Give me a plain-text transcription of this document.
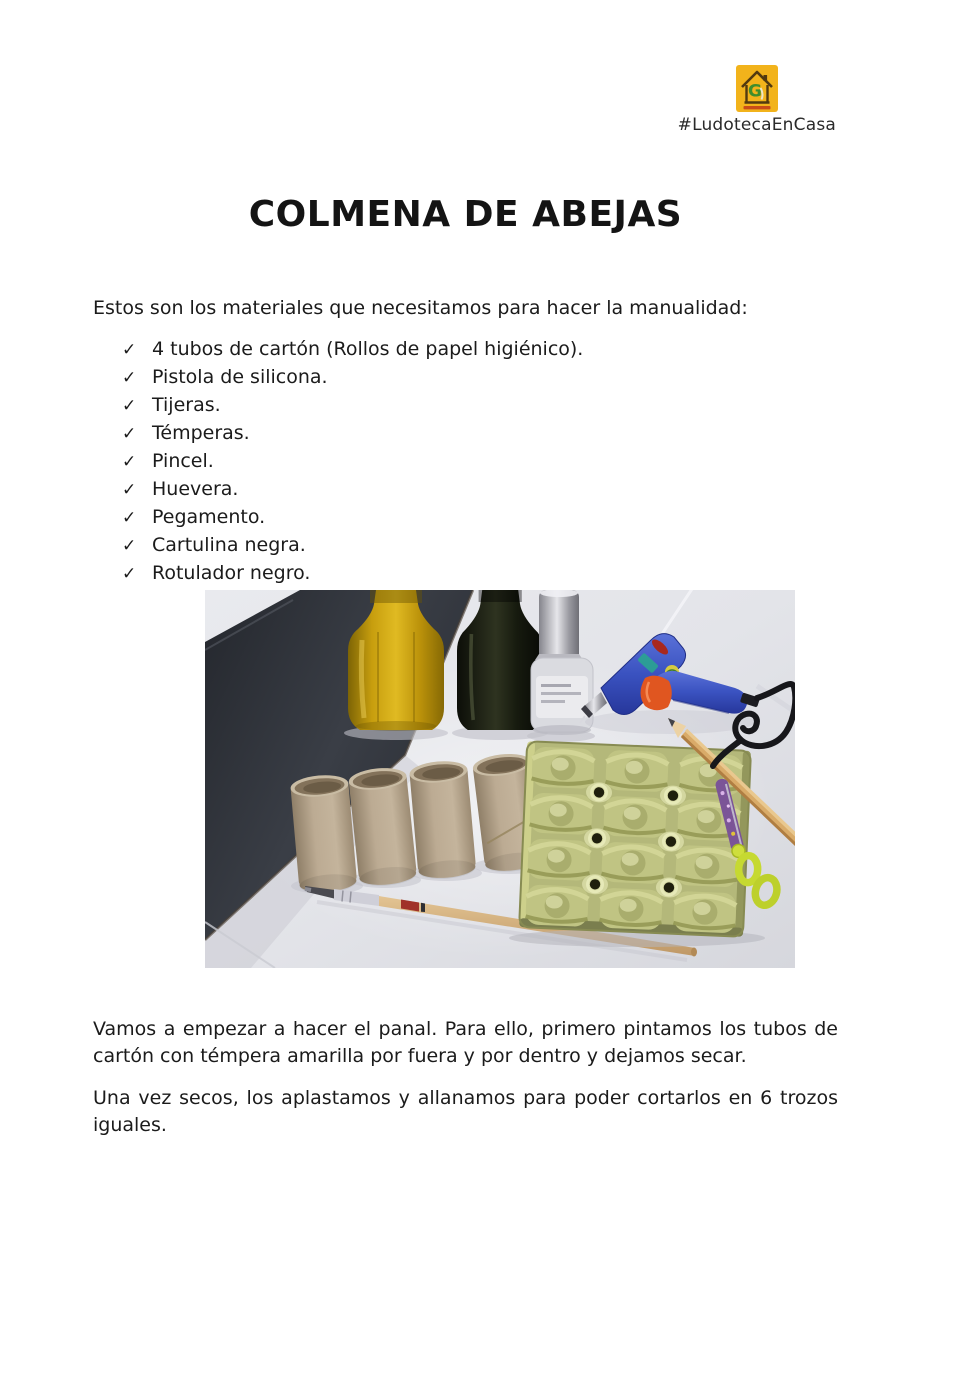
G
#LudotecaEnCasa
COLMENA DE ABEJAS

Estos son los materiales que necesitamos para hacer la manualidad:

✓ 4 tubos de cartón (Rollos de papel higiénico).
✓ Pistola de silicona.
✓ Tijeras.
✓ Témperas.
✓ Pincel.
✓ Huevera.
✓ Pegamento.
✓ Cartulina negra.
✓ Rotulador negro.

Vamos a empezar a hacer el panal. Para ello, primero pintamos los tubos de cartón con témpera amarilla por fuera y por dentro y dejamos secar.

Una vez secos, los aplastamos y allanamos para poder cortarlos en 6 trozos iguales.
